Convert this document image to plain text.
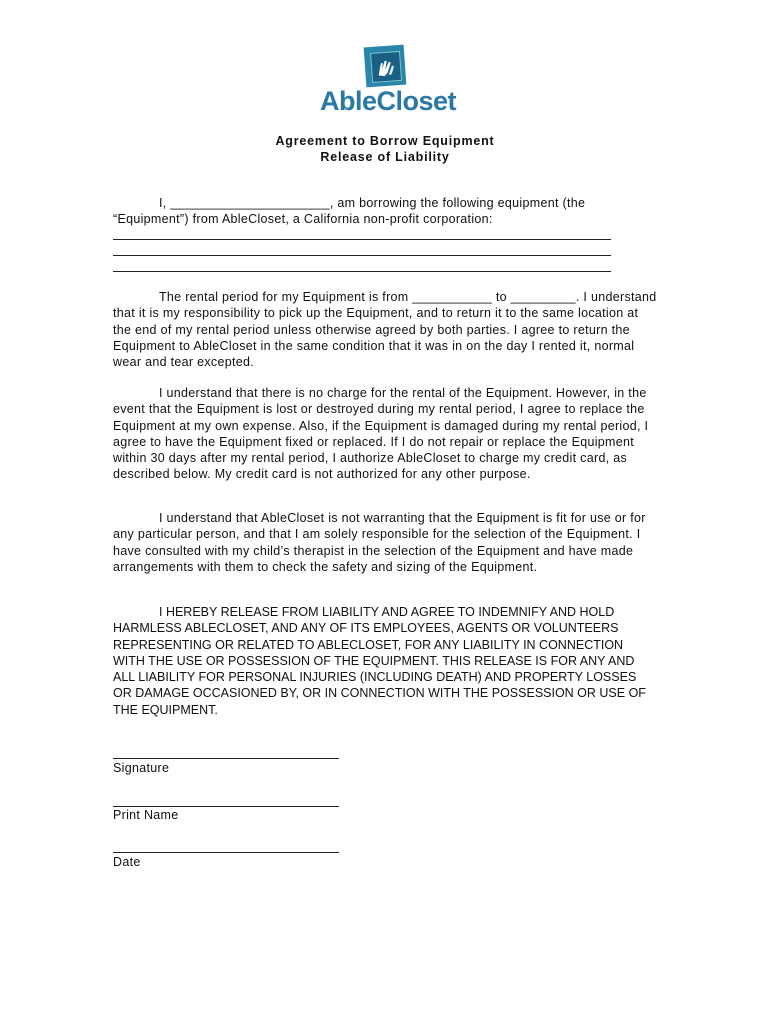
AbleCloset
Agreement to Borrow Equipment
Release of Liability

I, ______________________, am borrowing the following equipment (the “Equipment”) from AbleCloset, a California non-profit corporation:

The rental period for my Equipment is from ___________ to _________. I understand that it is my responsibility to pick up the Equipment, and to return it to the same location at the end of my rental period unless otherwise agreed by both parties. I agree to return the Equipment to AbleCloset in the same condition that it was in on the day I rented it, normal wear and tear excepted.

I understand that there is no charge for the rental of the Equipment. However, in the event that the Equipment is lost or destroyed during my rental period, I agree to replace the Equipment at my own expense. Also, if the Equipment is damaged during my rental period, I agree to have the Equipment fixed or replaced. If I do not repair or replace the Equipment within 30 days after my rental period, I authorize AbleCloset to charge my credit card, as described below. My credit card is not authorized for any other purpose.

I understand that AbleCloset is not warranting that the Equipment is fit for use or for any particular person, and that I am solely responsible for the selection of the Equipment. I have consulted with my child’s therapist in the selection of the Equipment and have made arrangements with them to check the safety and sizing of the Equipment.

I HEREBY RELEASE FROM LIABILITY AND AGREE TO INDEMNIFY AND HOLD HARMLESS ABLECLOSET, AND ANY OF ITS EMPLOYEES, AGENTS OR VOLUNTEERS REPRESENTING OR RELATED TO ABLECLOSET, FOR ANY LIABILITY IN CONNECTION WITH THE USE OR POSSESSION OF THE EQUIPMENT. THIS RELEASE IS FOR ANY AND ALL LIABILITY FOR PERSONAL INJURIES (INCLUDING DEATH) AND PROPERTY LOSSES OR DAMAGE OCCASIONED BY, OR IN CONNECTION WITH THE POSSESSION OR USE OF THE EQUIPMENT.

Signature
Print Name
Date
